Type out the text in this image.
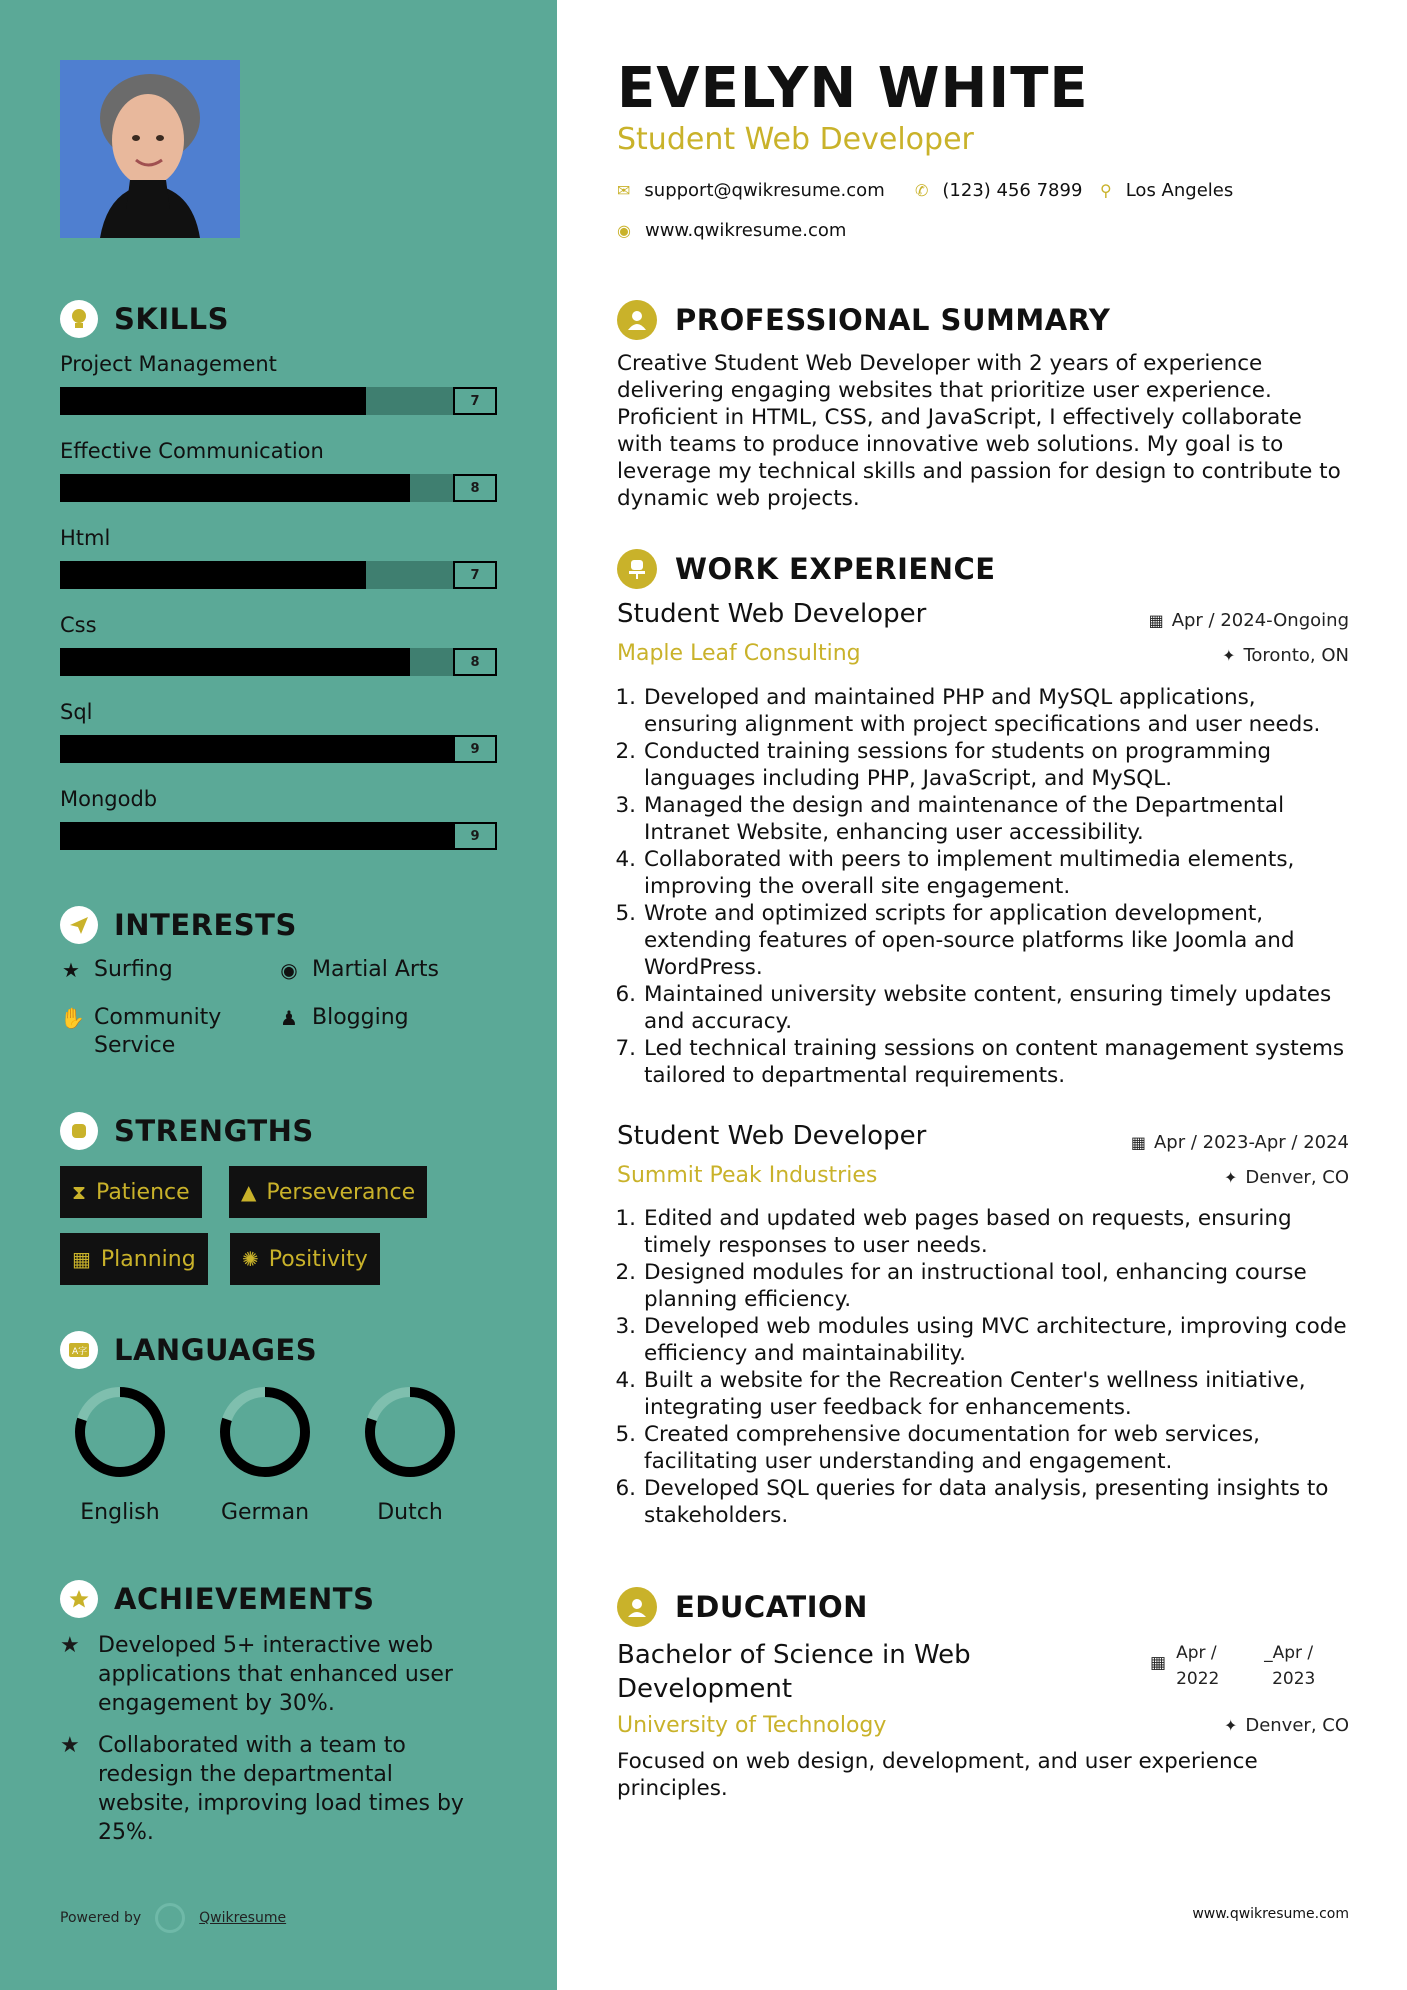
SKILLS
Project Management
7
Effective Communication
8
Html
7
Css
8
Sql
9
Mongodb
9
INTERESTS
★ Surfing	◉ Martial Arts
✋ Community Service
♟ Blogging
STRENGTHS
⧗ Patience	▲ Perseverance
▦ Planning ✺ Positivity
A字 LANGUAGES
English	German	Dutch
ACHIEVEMENTS
★ Developed 5+ interactive web applications that enhanced user engagement by 30%.
★ Collaborated with a team to redesign the departmental website, improving load times by 25%.
Powered by	Qwikresume
EVELYN WHITE
Student Web Developer
✉ support@qwikresume.com ✆ (123) 456 7899 ⚲ Los Angeles
◉ www.qwikresume.com
PROFESSIONAL SUMMARY
Creative Student Web Developer with 2 years of experience delivering engaging websites that prioritize user experience. Proficient in HTML, CSS, and JavaScript, I effectively collaborate with teams to produce innovative web solutions. My goal is to leverage my technical skills and passion for design to contribute to dynamic web projects.
WORK EXPERIENCE
Student Web Developer	▦ Apr / 2024-Ongoing
Maple Leaf Consulting	✦ Toronto, ON
1. Developed and maintained PHP and MySQL applications, ensuring alignment with project specifications and user needs.
2. Conducted training sessions for students on programming languages including PHP, JavaScript, and MySQL.
3. Managed the design and maintenance of the Departmental Intranet Website, enhancing user accessibility.
4. Collaborated with peers to implement multimedia elements, improving the overall site engagement.
5. Wrote and optimized scripts for application development, extending features of open-source platforms like Joomla and WordPress.
6. Maintained university website content, ensuring timely updates and accuracy.
7. Led technical training sessions on content management systems tailored to departmental requirements.
Student Web Developer	▦ Apr / 2023-Apr / 2024
Summit Peak Industries	✦ Denver, CO
1. Edited and updated web pages based on requests, ensuring timely responses to user needs.
2. Designed modules for an instructional tool, enhancing course planning efficiency.
3. Developed web modules using MVC architecture, improving code efficiency and maintainability.
4. Built a website for the Recreation Center's wellness initiative, integrating user feedback for enhancements.
5. Created comprehensive documentation for web services, facilitating user understanding and engagement.
6. Developed SQL queries for data analysis, presenting insights to stakeholders.
EDUCATION
Bachelor of Science in Web Development
▦ Apr /
2022
_Apr /
2023
University of Technology	✦ Denver, CO
Focused on web design, development, and user experience principles.
www.qwikresume.com
